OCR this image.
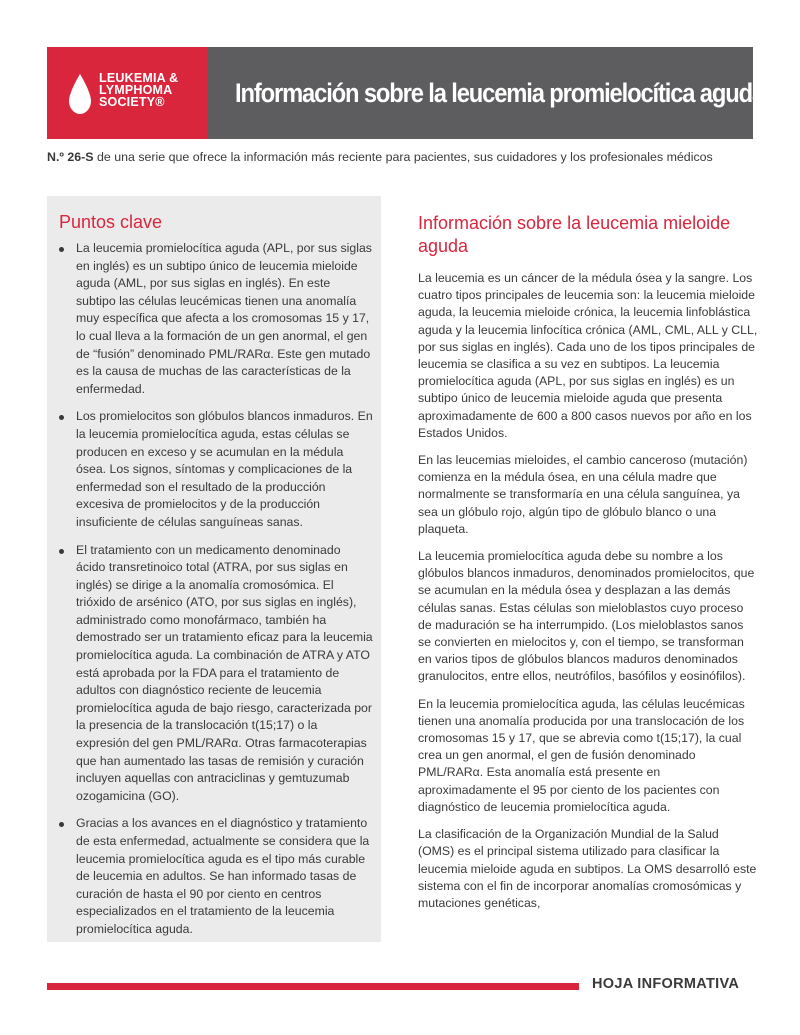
LEUKEMIA &
LYMPHOMA
SOCIETY®	Información sobre la leucemia promielocítica aguda
N.º 26-S de una serie que ofrece la información más reciente para pacientes, sus cuidadores y los profesionales médicos
Puntos clave
La leucemia promielocítica aguda (APL, por sus siglas en inglés) es un subtipo único de leucemia mieloide aguda (AML, por sus siglas en inglés). En este subtipo las células leucémicas tienen una anomalía muy específica que afecta a los cromosomas 15 y 17, lo cual lleva a la formación de un gen anormal, el gen de “fusión” denominado PML/RARα. Este gen mutado es la causa de muchas de las características de la enfermedad.
Los promielocitos son glóbulos blancos inmaduros. En la leucemia promielocítica aguda, estas células se producen en exceso y se acumulan en la médula ósea. Los signos, síntomas y complicaciones de la enfermedad son el resultado de la producción excesiva de promielocitos y de la producción insuficiente de células sanguíneas sanas.
El tratamiento con un medicamento denominado ácido transretinoico total (ATRA, por sus siglas en inglés) se dirige a la anomalía cromosómica. El trióxido de arsénico (ATO, por sus siglas en inglés), administrado como monofármaco, también ha demostrado ser un tratamiento eficaz para la leucemia promielocítica aguda. La combinación de ATRA y ATO está aprobada por la FDA para el tratamiento de adultos con diagnóstico reciente de leucemia promielocítica aguda de bajo riesgo, caracterizada por la presencia de la translocación t(15;17) o la expresión del gen PML/RARα. Otras farmacoterapias que han aumentado las tasas de remisión y curación incluyen aquellas con antraciclinas y gemtuzumab ozogamicina (GO).
Gracias a los avances en el diagnóstico y tratamiento de esta enfermedad, actualmente se considera que la leucemia promielocítica aguda es el tipo más curable de leucemia en adultos. Se han informado tasas de curación de hasta el 90 por ciento en centros especializados en el tratamiento de la leucemia promielocítica aguda.
Información sobre la leucemia mieloide aguda

La leucemia es un cáncer de la médula ósea y la sangre. Los cuatro tipos principales de leucemia son: la leucemia mieloide aguda, la leucemia mieloide crónica, la leucemia linfoblástica aguda y la leucemia linfocítica crónica (AML, CML, ALL y CLL, por sus siglas en inglés). Cada uno de los tipos principales de leucemia se clasifica a su vez en subtipos. La leucemia promielocítica aguda (APL, por sus siglas en inglés) es un subtipo único de leucemia mieloide aguda que presenta aproximadamente de 600 a 800 casos nuevos por año en los Estados Unidos.

En las leucemias mieloides, el cambio canceroso (mutación) comienza en la médula ósea, en una célula madre que normalmente se transformaría en una célula sanguínea, ya sea un glóbulo rojo, algún tipo de glóbulo blanco o una plaqueta.

La leucemia promielocítica aguda debe su nombre a los glóbulos blancos inmaduros, denominados promielocitos, que se acumulan en la médula ósea y desplazan a las demás células sanas. Estas células son mieloblastos cuyo proceso de maduración se ha interrumpido. (Los mieloblastos sanos se convierten en mielocitos y, con el tiempo, se transforman en varios tipos de glóbulos blancos maduros denominados granulocitos, entre ellos, neutrófilos, basófilos y eosinófilos).

En la leucemia promielocítica aguda, las células leucémicas tienen una anomalía producida por una translocación de los cromosomas 15 y 17, que se abrevia como t(15;17), la cual crea un gen anormal, el gen de fusión denominado PML/RARα. Esta anomalía está presente en aproximadamente el 95 por ciento de los pacientes con diagnóstico de leucemia promielocítica aguda.

La clasificación de la Organización Mundial de la Salud (OMS) es el principal sistema utilizado para clasificar la leucemia mieloide aguda en subtipos. La OMS desarrolló este sistema con el fin de incorporar anomalías cromosómicas y mutaciones genéticas,

HOJA INFORMATIVA
